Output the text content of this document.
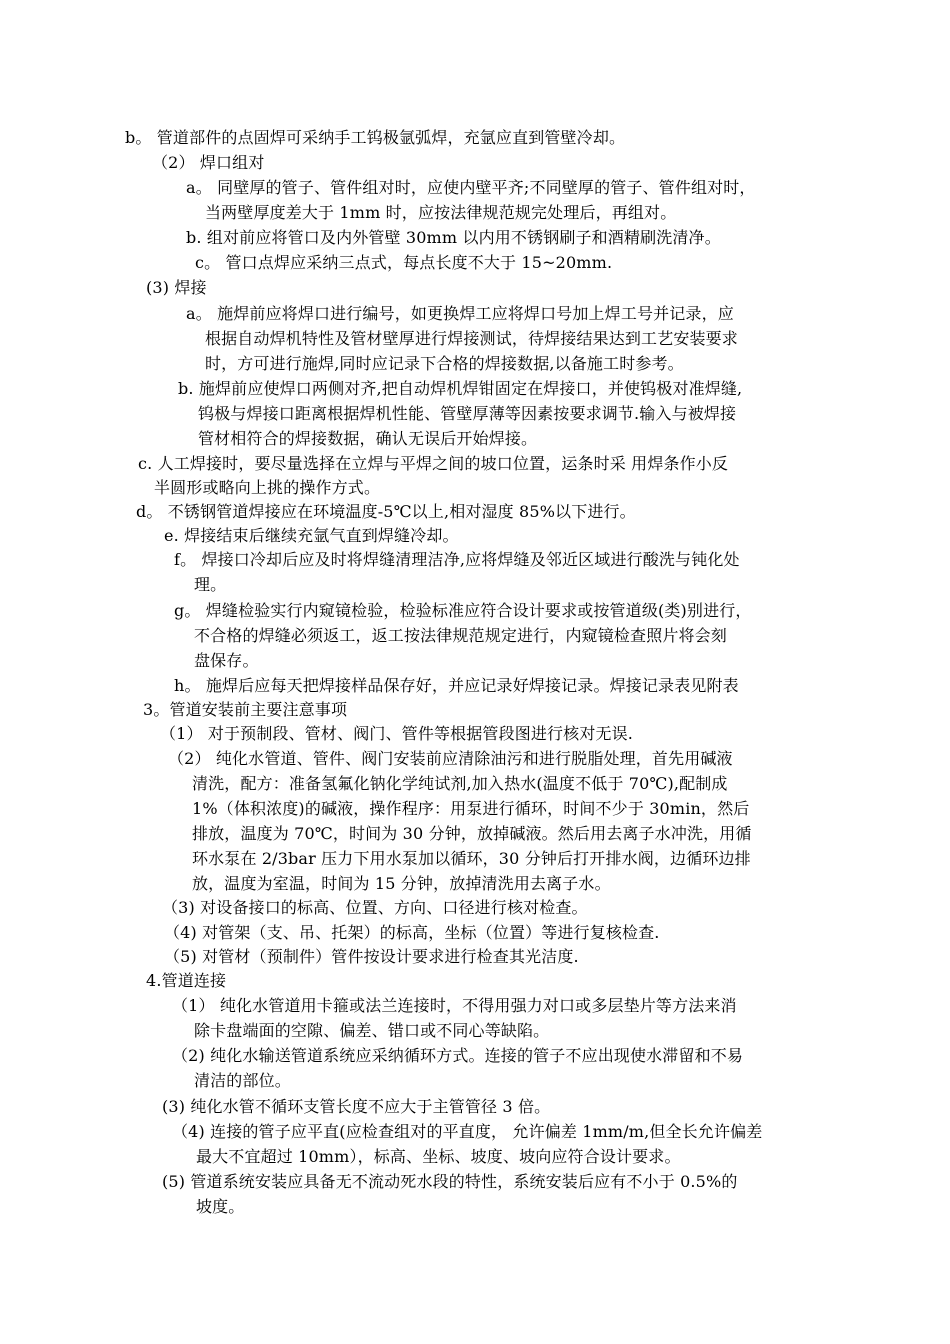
b。 管道部件的点固焊可采纳手工钨极氩弧焊，充氩应直到管壁冷却。
（2） 焊口组对
a。 同壁厚的管子、管件组对时，应使内壁平齐;不同壁厚的管子、管件组对时，
当两壁厚度差大于 1mm 时，应按法律规范规完处理后，再组对。
b. 组对前应将管口及内外管壁 30mm 以内用不锈钢刷子和酒精刷洗清净。
c。 管口点焊应采纳三点式，每点长度不大于 15~20mm.
(3) 焊接
a。 施焊前应将焊口进行编号，如更换焊工应将焊口号加上焊工号并记录，应
根据自动焊机特性及管材壁厚进行焊接测试，待焊接结果达到工艺安装要求
时，方可进行施焊,同时应记录下合格的焊接数据,以备施工时参考。
b. 施焊前应使焊口两侧对齐,把自动焊机焊钳固定在焊接口，并使钨极对准焊缝,
钨极与焊接口距离根据焊机性能、管壁厚薄等因素按要求调节.输入与被焊接
管材相符合的焊接数据，确认无误后开始焊接。
c. 人工焊接时，要尽量选择在立焊与平焊之间的坡口位置，运条时采 用焊条作小反
半圆形或略向上挑的操作方式。
d。 不锈钢管道焊接应在环境温度-5℃以上,相对湿度 85%以下进行。
e. 焊接结束后继续充氩气直到焊缝冷却。
f。 焊接口冷却后应及时将焊缝清理洁净,应将焊缝及邻近区域进行酸洗与钝化处
理。
g。 焊缝检验实行内窥镜检验，检验标准应符合设计要求或按管道级(类)别进行，
不合格的焊缝必须返工，返工按法律规范规定进行，内窥镜检查照片将会刻
盘保存。
h。 施焊后应每天把焊接样品保存好，并应记录好焊接记录。焊接记录表见附表
3。管道安装前主要注意事项
（1） 对于预制段、管材、阀门、管件等根据管段图进行核对无误.
（2） 纯化水管道、管件、阀门安装前应清除油污和进行脱脂处理，首先用碱液
清洗，配方：准备氢氟化钠化学纯试剂,加入热水(温度不低于 70℃),配制成
1%（体积浓度)的碱液，操作程序：用泵进行循环，时间不少于 30min，然后
排放，温度为 70℃，时间为 30 分钟，放掉碱液。然后用去离子水冲洗，用循
环水泵在 2/3bar 压力下用水泵加以循环，30 分钟后打开排水阀，边循环边排
放，温度为室温，时间为 15 分钟，放掉清洗用去离子水。
（3) 对设备接口的标高、位置、方向、口径进行核对检查。
（4) 对管架（支、吊、托架）的标高，坐标（位置）等进行复核检查.
（5) 对管材（预制件）管件按设计要求进行检查其光洁度.
4.管道连接
（1） 纯化水管道用卡箍或法兰连接时，不得用强力对口或多层垫片等方法来消
除卡盘端面的空隙、偏差、错口或不同心等缺陷。
（2) 纯化水输送管道系统应采纳循环方式。连接的管子不应出现使水滞留和不易
清洁的部位。
(3) 纯化水管不循环支管长度不应大于主管管径 3 倍。
（4) 连接的管子应平直(应检查组对的平直度， 允许偏差 1mm/m,但全长允许偏差
最大不宜超过 10mm），标高、坐标、坡度、坡向应符合设计要求。
(5) 管道系统安装应具备无不流动死水段的特性，系统安装后应有不小于 0.5%的
坡度。
